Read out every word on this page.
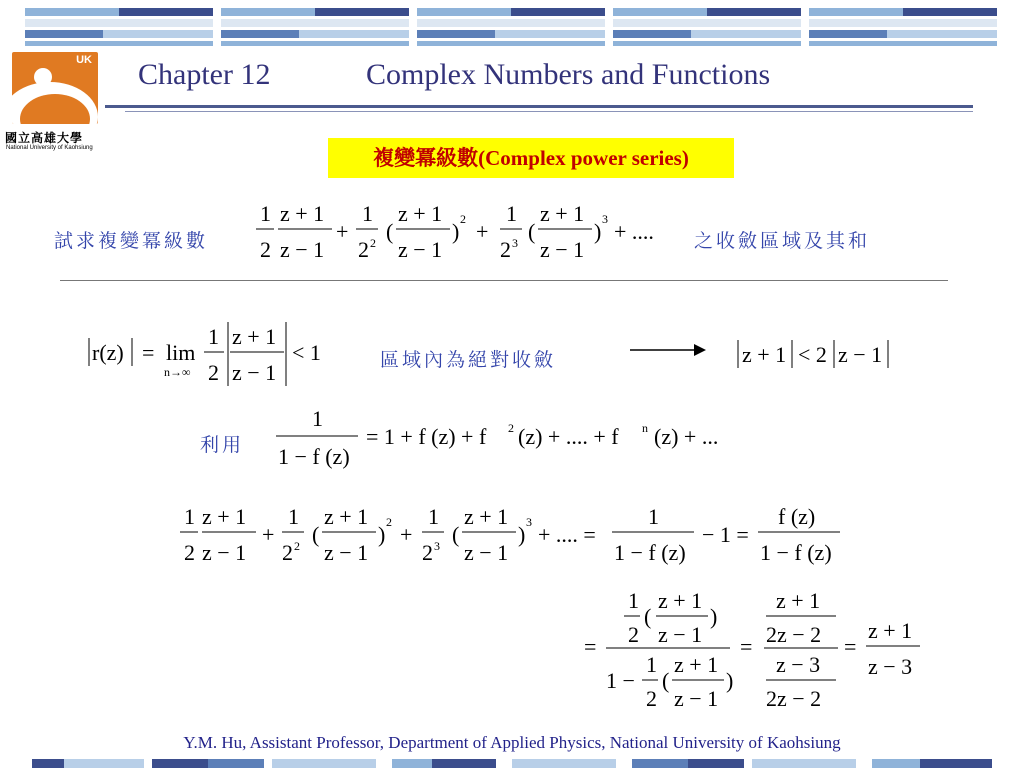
UK
國立高雄大學
National University of Kaohsiung
Chapter 12	Complex Numbers and Functions
複變冪級數(Complex power series)
試求複變冪級數	之收斂區域及其和
1
2
z + 1
z − 1
+
1
2 2 (
z + 1
z − 1
) 2 +
1
2 3 (
z + 1
z − 1
) 3 + ....
r(z) = lim
n→∞
1
2
z + 1
z − 1
< 1	區域內為絕對收斂	z + 1 < 2 z − 1
利用
1
1 − f (z)
= 1 + f (z) + f 2 (z) + .... + f n (z) + ...
1
2
z + 1
z − 1
+
1
2 2 (
z + 1
z − 1
) 2 +
1
2 3 (
z + 1
z − 1
) 3 + .... =
1
1 − f (z)
− 1 =
f (z)
1 − f (z)
=
1
2
(
z + 1
z − 1
)
1 −
1
2
(
z + 1
z − 1
)
=
z + 1
2z − 2
z − 3
2z − 2
=
z + 1
z − 3
Y.M. Hu, Assistant Professor, Department of Applied Physics, National University of Kaohsiung
